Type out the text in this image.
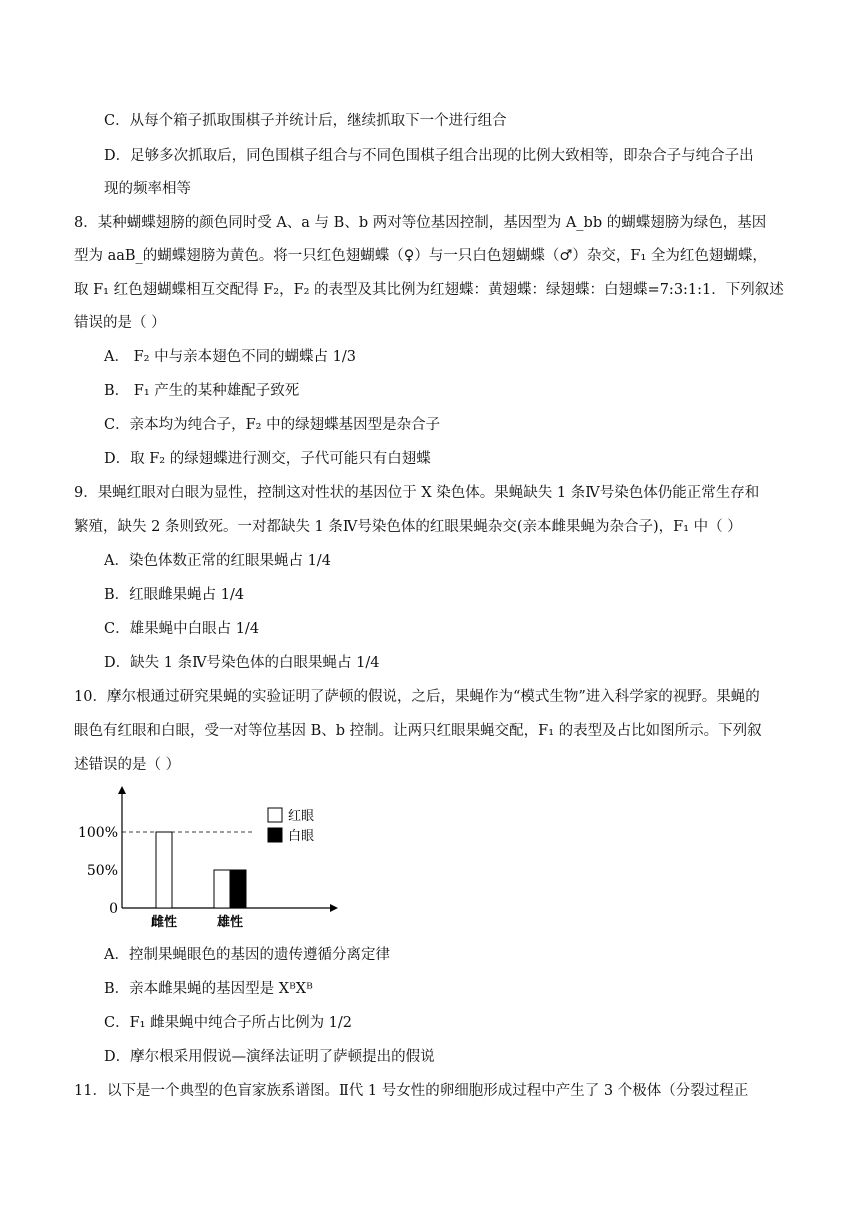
C．从每个箱子抓取围棋子并统计后，继续抓取下一个进行组合
D．足够多次抓取后，同色围棋子组合与不同色围棋子组合出现的比例大致相等，即杂合子与纯合子出
现的频率相等
8．某种蝴蝶翅膀的颜色同时受 A、a 与 B、b 两对等位基因控制，基因型为 A_bb 的蝴蝶翅膀为绿色，基因
型为 aaB_的蝴蝶翅膀为黄色。将一只红色翅蝴蝶（♀）与一只白色翅蝴蝶（♂）杂交，F₁ 全为红色翅蝴蝶，
取 F₁ 红色翅蝴蝶相互交配得 F₂，F₂ 的表型及其比例为红翅蝶：黄翅蝶：绿翅蝶：白翅蝶=7:3:1:1．下列叙述
错误的是（ ）
A． F₂ 中与亲本翅色不同的蝴蝶占 1/3
B． F₁ 产生的某种雄配子致死
C．亲本均为纯合子，F₂ 中的绿翅蝶基因型是杂合子
D．取 F₂ 的绿翅蝶进行测交，子代可能只有白翅蝶
9．果蝇红眼对白眼为显性，控制这对性状的基因位于 X 染色体。果蝇缺失 1 条Ⅳ号染色体仍能正常生存和
繁殖，缺失 2 条则致死。一对都缺失 1 条Ⅳ号染色体的红眼果蝇杂交(亲本雌果蝇为杂合子)，F₁ 中（ ）
A．染色体数正常的红眼果蝇占 1/4
B．红眼雌果蝇占 1/4
C．雄果蝇中白眼占 1/4
D．缺失 1 条Ⅳ号染色体的白眼果蝇占 1/4
10．摩尔根通过研究果蝇的实验证明了萨顿的假说，之后，果蝇作为“模式生物”进入科学家的视野。果蝇的
眼色有红眼和白眼，受一对等位基因 B、b 控制。让两只红眼果蝇交配，F₁ 的表型及占比如图所示。下列叙
述错误的是（ ）
100%
50%
0
雌性	雄性
红眼
白眼
A．控制果蝇眼色的基因的遗传遵循分离定律
B．亲本雌果蝇的基因型是 XᴮXᴮ
C．F₁ 雌果蝇中纯合子所占比例为 1/2
D．摩尔根采用假说—演绎法证明了萨顿提出的假说
11．以下是一个典型的色盲家族系谱图。Ⅱ代 1 号女性的卵细胞形成过程中产生了 3 个极体（分裂过程正
